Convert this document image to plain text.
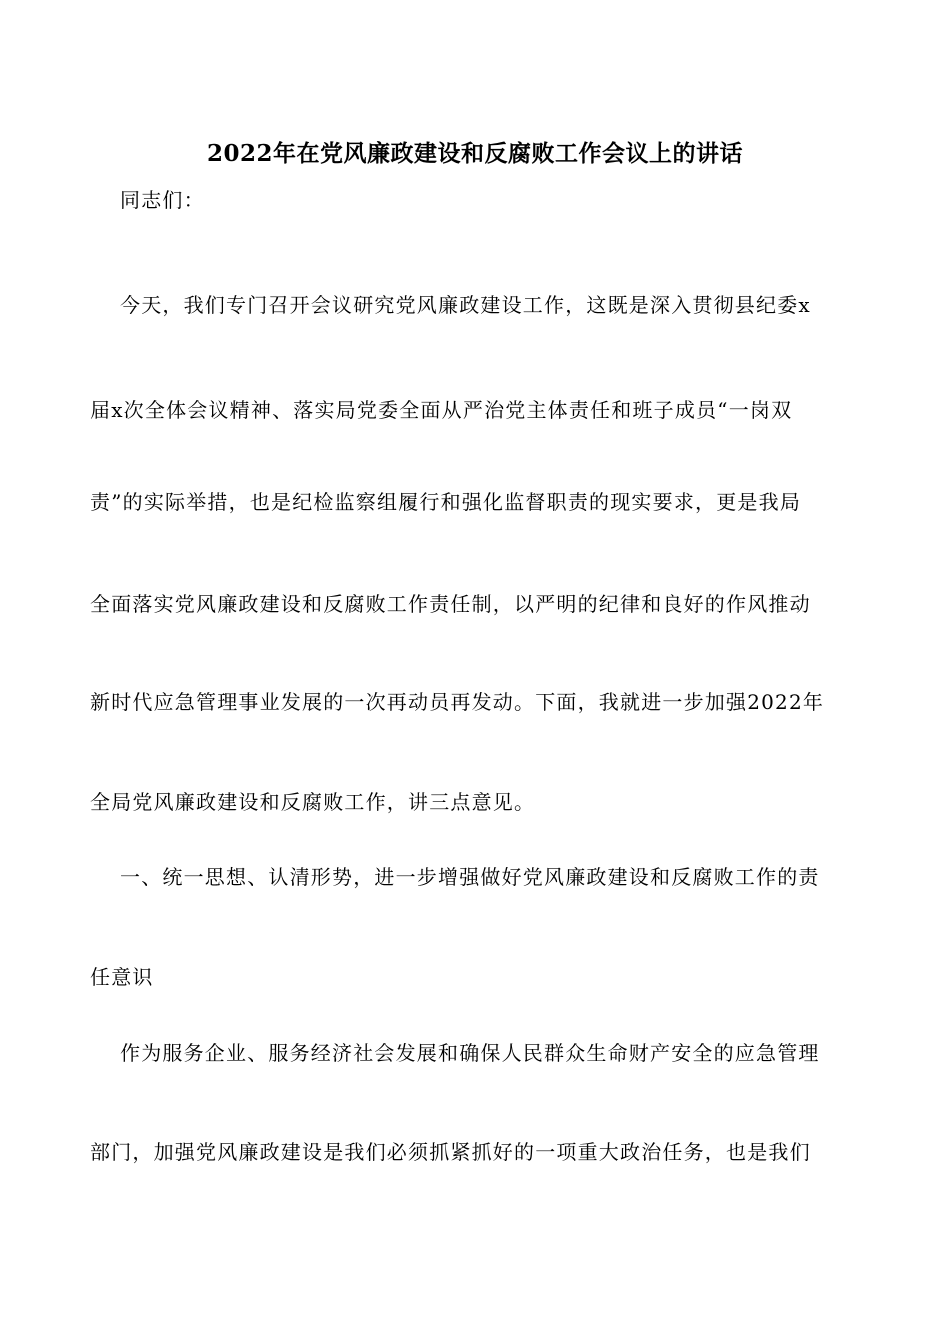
2022年在党风廉政建设和反腐败工作会议上的讲话
同志们：
今天，我们专门召开会议研究党风廉政建设工作，这既是深入贯彻县纪委x
届x次全体会议精神、落实局党委全面从严治党主体责任和班子成员“一岗双
责”的实际举措，也是纪检监察组履行和强化监督职责的现实要求，更是我局
全面落实党风廉政建设和反腐败工作责任制，以严明的纪律和良好的作风推动
新时代应急管理事业发展的一次再动员再发动。下面，我就进一步加强2022年
全局党风廉政建设和反腐败工作，讲三点意见。
一、统一思想、认清形势，进一步增强做好党风廉政建设和反腐败工作的责
任意识
作为服务企业、服务经济社会发展和确保人民群众生命财产安全的应急管理
部门，加强党风廉政建设是我们必须抓紧抓好的一项重大政治任务，也是我们
